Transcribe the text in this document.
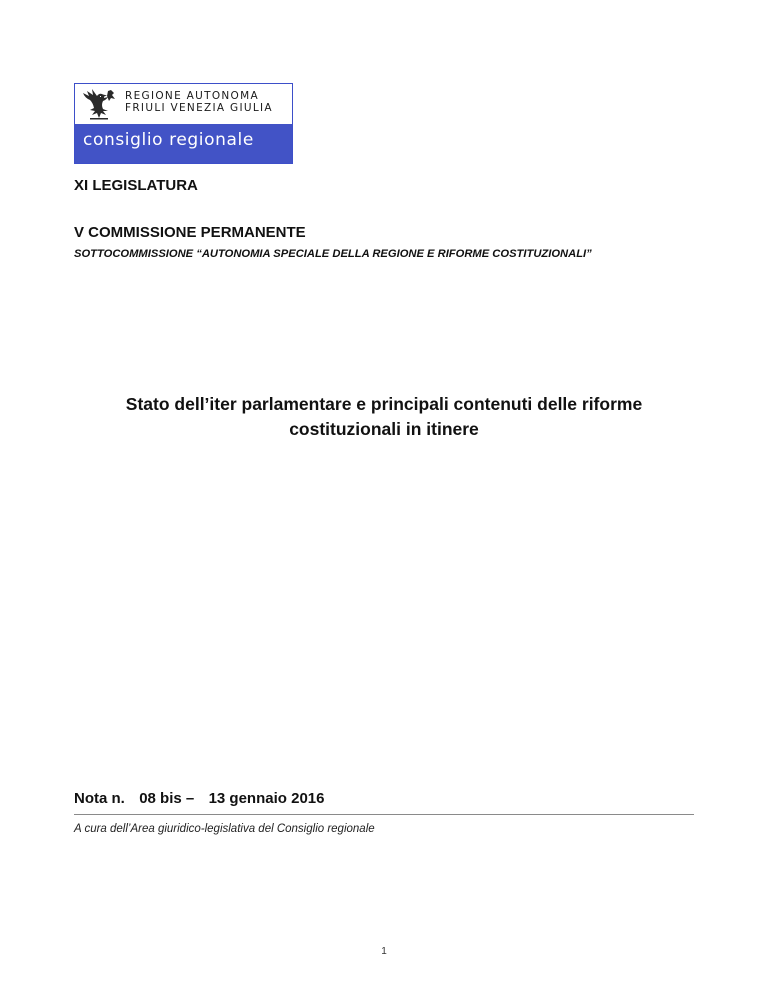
REGIONE AUTONOMA
FRIULI VENEZIA GIULIA
consiglio regionale
XI LEGISLATURA
V COMMISSIONE PERMANENTE
SOTTOCOMMISSIONE “AUTONOMIA SPECIALE DELLA REGIONE E RIFORME COSTITUZIONALI”
Stato dell’iter parlamentare e principali contenuti delle riforme
costituzionali in itinere
Nota n. 08 bis – 13 gennaio 2016
A cura dell’Area giuridico-legislativa del Consiglio regionale
1
